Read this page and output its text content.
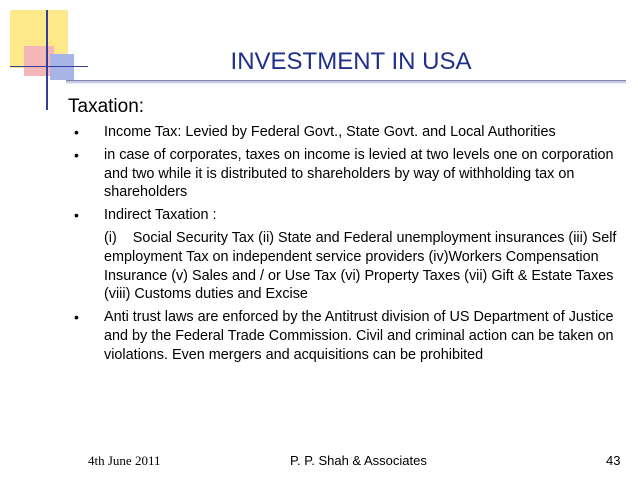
INVESTMENT IN USA

Taxation:

• Income Tax: Levied by Federal Govt., State Govt. and Local Authorities

• in case of corporates, taxes on income is levied at two levels one on corporation and two while it is distributed to shareholders by way of withholding tax on shareholders

• Indirect Taxation :

(i)    Social Security Tax (ii) State and Federal unemployment insurances (iii) Self employment Tax on independent service providers (iv)Workers Compensation Insurance (v) Sales and / or Use Tax (vi) Property Taxes (vii) Gift & Estate Taxes (viii) Customs duties and Excise

• Anti trust laws are enforced by the Antitrust division of US Department of Justice and by the Federal Trade Commission. Civil and criminal action can be taken on violations. Even mergers and acquisitions can be prohibited

4th June 2011	P. P. Shah & Associates	43
